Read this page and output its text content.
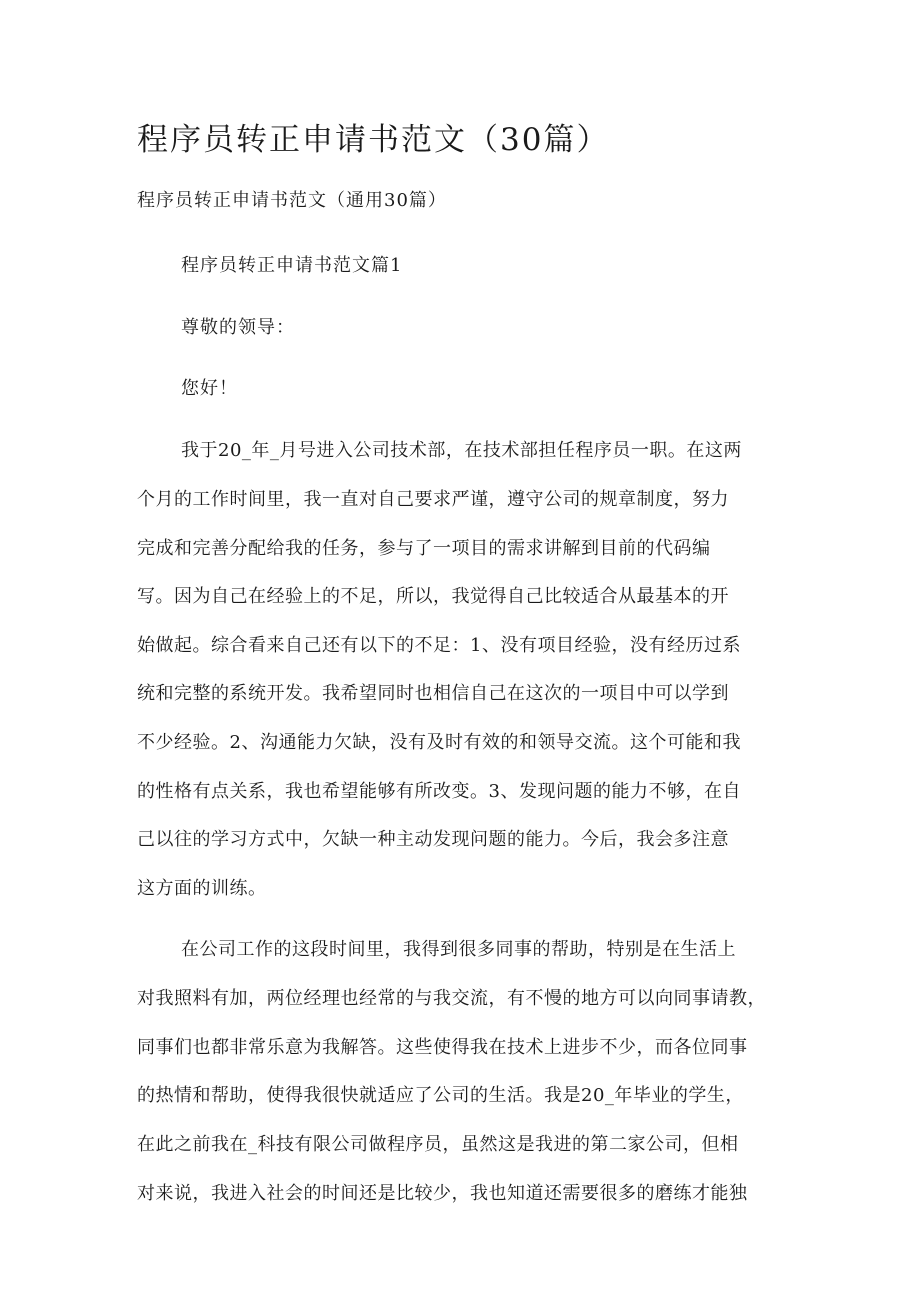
程序员转正申请书范文（30篇）
程序员转正申请书范文（通用30篇）
程序员转正申请书范文篇1
尊敬的领导：
您好！
我于20_年_月号进入公司技术部，在技术部担任程序员一职。在这两
个月的工作时间里，我一直对自己要求严谨，遵守公司的规章制度，努力
完成和完善分配给我的任务，参与了一项目的需求讲解到目前的代码编
写。因为自己在经验上的不足，所以，我觉得自己比较适合从最基本的开
始做起。综合看来自己还有以下的不足：1、没有项目经验，没有经历过系
统和完整的系统开发。我希望同时也相信自己在这次的一项目中可以学到
不少经验。2、沟通能力欠缺，没有及时有效的和领导交流。这个可能和我
的性格有点关系，我也希望能够有所改变。3、发现问题的能力不够，在自
己以往的学习方式中，欠缺一种主动发现问题的能力。今后，我会多注意
这方面的训练。
在公司工作的这段时间里，我得到很多同事的帮助，特别是在生活上
对我照料有加，两位经理也经常的与我交流，有不慢的地方可以向同事请教，
同事们也都非常乐意为我解答。这些使得我在技术上进步不少，而各位同事
的热情和帮助，使得我很快就适应了公司的生活。我是20_年毕业的学生，
在此之前我在_科技有限公司做程序员，虽然这是我进的第二家公司，但相
对来说，我进入社会的时间还是比较少，我也知道还需要很多的磨练才能独
